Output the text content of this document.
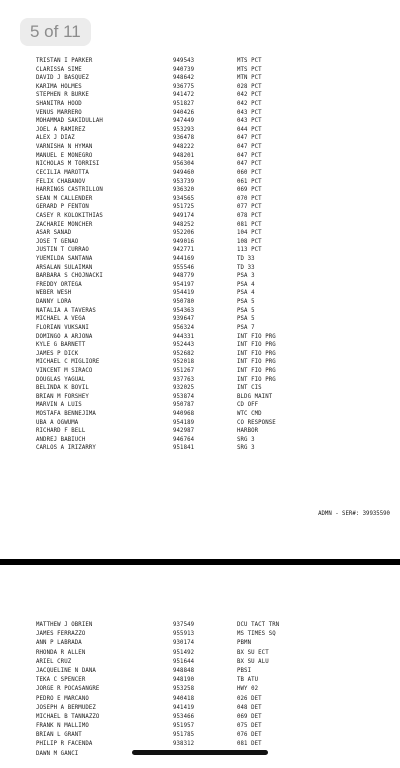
5 of 11
TRISTAN I PARKER	949543	MTS PCT
CLARISSA SIME	940739	MTS PCT
DAVID J BASQUEZ	948642	MTN PCT
KARIMA HOLMES	936775	028 PCT
STEPHEN R BURKE	941472	042 PCT
SHANITRA HOOD	951827	042 PCT
VENUS MARRERO	940426	043 PCT
MOHAMMAD SAKIDULLAH	947449	043 PCT
JOEL A RAMIREZ	953293	044 PCT
ALEX J DIAZ	936478	047 PCT
VARNISHA N HYMAN	948222	047 PCT
MANUEL E MONEGRO	948201	047 PCT
NICHOLAS M TORRISI	956304	047 PCT
CECILIA MAROTTA	949460	060 PCT
FELIX CHABANOV	953739	061 PCT
HARRINGS CASTRILLON	936320	069 PCT
SEAN M CALLENDER	934565	070 PCT
GERARD P FENTON	951725	077 PCT
CASEY R KOLOKITHIAS	949174	078 PCT
ZACHARIE MONCHER	948252	081 PCT
ASAR SANAD	952206	104 PCT
JOSE T GENAO	949016	108 PCT
JUSTIN T CURRAO	942771	113 PCT
YUEMILDA SANTANA	944169	TD 33
ARSALAN SULAIMAN	955546	TD 33
BARBARA S CHOJNACKI	948779	PSA 3
FREDDY ORTEGA	954197	PSA 4
WEBER WESH	954419	PSA 4
DANNY LORA	950780	PSA 5
NATALIA A TAVERAS	954363	PSA 5
MICHAEL A VEGA	939647	PSA 5
FLORIAN VUKSANI	956324	PSA 7
DOMINGO A ARJONA	944331	INT FIO PRG
KYLE G BARNETT	952443	INT FIO PRG
JAMES P DICK	952682	INT FIO PRG
MICHAEL C MIGLIORE	952018	INT FIO PRG
VINCENT M SIRACO	951267	INT FIO PRG
DOUGLAS YAGUAL	937763	INT FIO PRG
BELINDA K BOVIL	932025	INT CIS
BRIAN M FORSHEY	953874	BLDG MAINT
MARVIN A LUIS	950787	CD OFF
MOSTAFA BENNEJIMA	940968	WTC CMD
UBA A OGWUMA	954189	CO RESPONSE
RICHARD F BELL	942987	HARBOR
ANDREJ BABIUCH	946764	SRG 3
CARLOS A IRIZARRY	951841	SRG 3
ADMN - SER#: 39935590
MATTHEW J OBRIEN	937549	DCU TACT TRN
JAMES FERRAZZO	955913	MS TIMES SQ
ANN P LABRADA	930174	PBMN
RHONDA R ALLEN	951492	BX SU ECT
ARIEL CRUZ	951644	BX SU ALU
JACQUELINE N DANA	948848	PBSI
TEKA C SPENCER	948190	TB ATU
JORGE R POCASANGRE	953258	HWY 02
PEDRO E MARCANO	940418	026 DET
JOSEPH A BERMUDEZ	941419	048 DET
MICHAEL B TANNAZZO	953466	069 DET
FRANK N MALLIMO	951957	075 DET
BRIAN L GRANT	951785	076 DET
PHILIP R FACENDA	938312	081 DET
DAWN M GANCI
